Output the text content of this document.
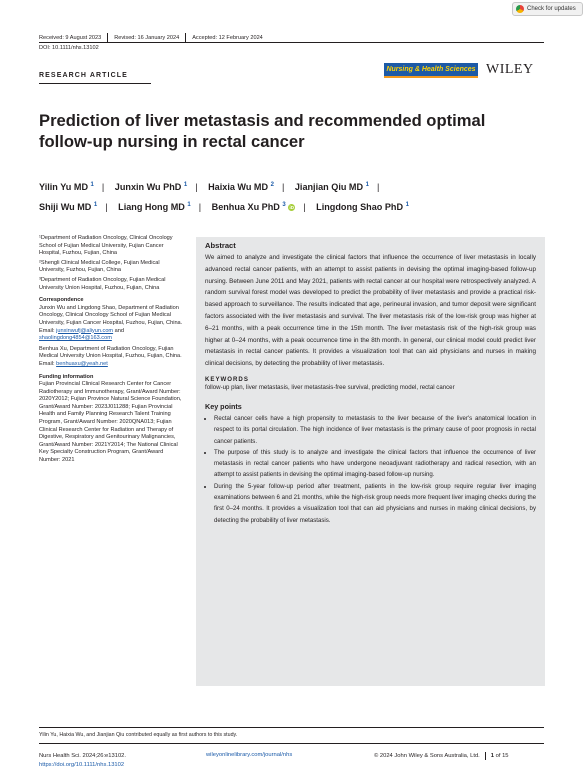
Check for updates
Received: 9 August 2023 Revised: 16 January 2024 Accepted: 12 February 2024
DOI: 10.1111/nhs.13102
RESEARCH ARTICLE
Nursing & Health Sciences WILEY
Prediction of liver metastasis and recommended optimal follow-up nursing in rectal cancer
Yilin Yu MD $^1$ | Junxin Wu PhD $^1$ | Haixia Wu MD $^2$ | Jianjian Qiu MD $^1$ |
Shiji Wu MD $^1$ | Liang Hong MD $^1$ | Benhua Xu PhD $^3$ iD | Lingdong Shao PhD $^1$
¹Department of Radiation Oncology, Clinical Oncology School of Fujian Medical University, Fujian Cancer Hospital, Fuzhou, Fujian, China
²Shengli Clinical Medical College, Fujian Medical University, Fuzhou, Fujian, China
³Department of Radiation Oncology, Fujian Medical University Union Hospital, Fuzhou, Fujian, China
Correspondence
Junxin Wu and Lingdong Shao, Department of Radiation Oncology, Clinical Oncology School of Fujian Medical University, Fujian Cancer Hospital, Fuzhou, Fujian, China.
Email: junxinwufj@aliyun.com and
shaolingdong4854@163.com
Benhua Xu, Department of Radiation Oncology, Fujian Medical University Union Hospital, Fuzhou, Fujian, China.
Email: benhuaxu@yeah.net
Funding information
Fujian Provincial Clinical Research Center for Cancer Radiotherapy and Immunotherapy, Grant/Award Number: 2020Y2012; Fujian Province Natural Science Foundation, Grant/Award Number: 2023J011288; Fujian Provincial Health and Family Planning Research Talent Training Program, Grant/Award Number: 2020QNA013; Fujian Clinical Research Center for Radiation and Therapy of Digestive, Respiratory and Genitourinary Malignancies, Grant/Award Number: 2021Y2014; The National Clinical Key Specialty Construction Program, Grant/Award Number: 2021
Abstract
We aimed to analyze and investigate the clinical factors that influence the occurrence of liver metastasis in locally advanced rectal cancer patients, with an attempt to assist patients in devising the optimal imaging-based follow-up nursing. Between June 2011 and May 2021, patients with rectal cancer at our hospital were retrospectively analyzed. A random survival forest model was developed to predict the probability of liver metastasis and provide a practical risk-based approach to surveillance. The results indicated that age, perineural invasion, and tumor deposit were significant factors associated with the liver metastasis and survival. The liver metastasis risk of the low-risk group was higher at 6–21 months, with a peak occurrence time in the 15th month. The liver metastasis risk of the high-risk group was higher at 0–24 months, with a peak occurrence time in the 8th month. In general, our clinical model could predict liver metastasis in rectal cancer patients. It provides a visualization tool that can aid physicians and nurses in making clinical decisions, by detecting the probability of liver metastasis.
KEYWORDS
follow-up plan, liver metastasis, liver metastasis-free survival, predicting model, rectal cancer
Key points
• Rectal cancer cells have a high propensity to metastasis to the liver because of the liver's anatomical location in respect to its portal circulation. The high incidence of liver metastasis is the primary cause of poor prognosis in rectal cancer patients.
• The purpose of this study is to analyze and investigate the clinical factors that influence the occurrence of liver metastasis in rectal cancer patients who have undergone neoadjuvant radiotherapy and radical resection, with an attempt to assist patients in devising the optimal imaging-based follow-up nursing.
• During the 5-year follow-up period after treatment, patients in the low-risk group require regular liver imaging examinations between 6 and 21 months, while the high-risk group needs more frequent liver imaging checks during the first 0–24 months. It provides a visualization tool that can aid physicians and nurses in making clinical decisions, by detecting the probability of liver metastasis.
Yilin Yu, Haixia Wu, and Jianjian Qiu contributed equally as first authors to this study.
Nurs Health Sci. 2024;26:e13102.
https://doi.org/10.1111/nhs.13102
wileyonlinelibrary.com/journal/nhs	© 2024 John Wiley & Sons Australia, Ltd. 1
of 15
